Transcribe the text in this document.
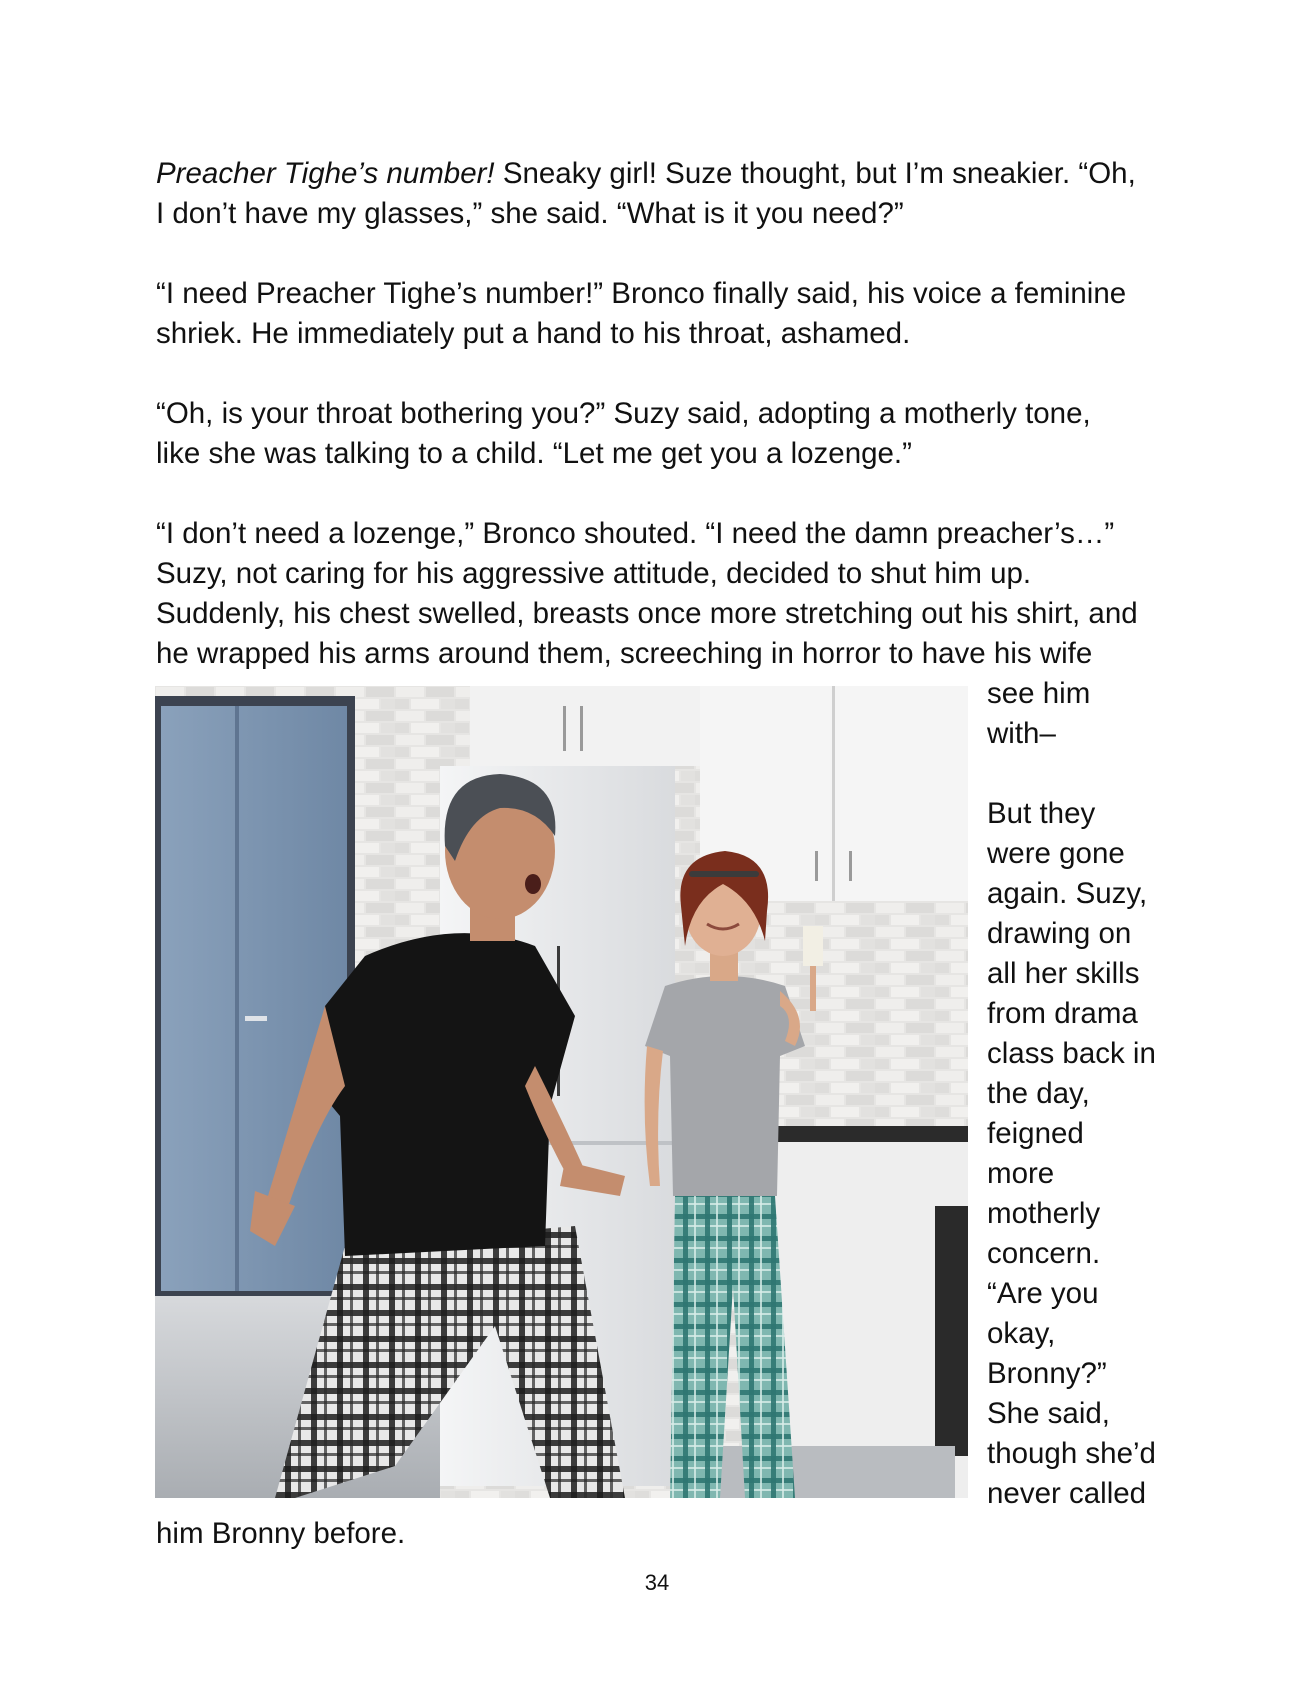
Preacher Tighe’s number! Sneaky girl! Suze thought, but I’m sneakier. “Oh,
I don’t have my glasses,” she said. “What is it you need?”
“I need Preacher Tighe’s number!” Bronco finally said, his voice a feminine
shriek. He immediately put a hand to his throat, ashamed.
“Oh, is your throat bothering you?” Suzy said, adopting a motherly tone,
like she was talking to a child. “Let me get you a lozenge.”
“I don’t need a lozenge,” Bronco shouted. “I need the damn preacher’s…”
Suzy, not caring for his aggressive attitude, decided to shut him up.
Suddenly, his chest swelled, breasts once more stretching out his shirt, and
he wrapped his arms around them, screeching in horror to have his wife
see him
with–
But they
were gone
again. Suzy,
drawing on
all her skills
from drama
class back in
the day,
feigned
more
motherly
concern.
“Are you
okay,
Bronny?”
She said,
though she’d
never called
him Bronny before.
34
